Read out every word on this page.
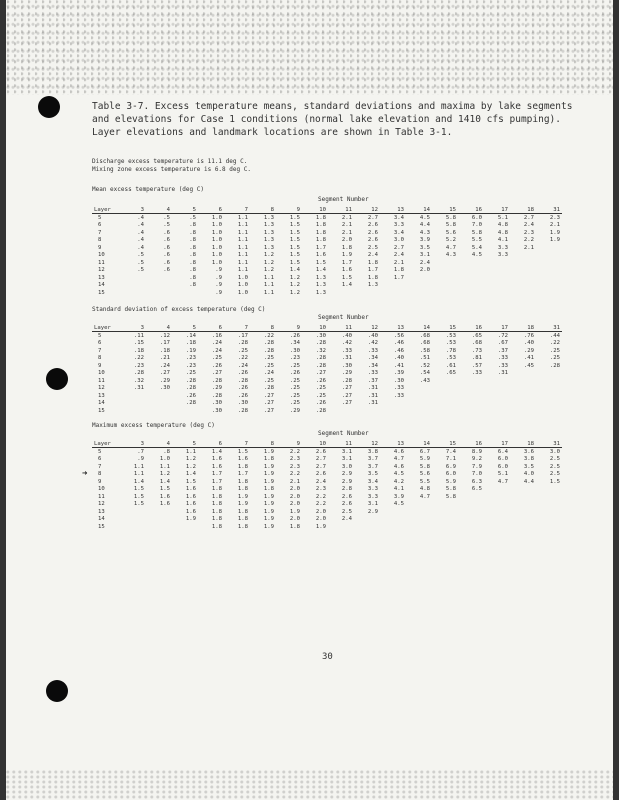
Table 3-7. Excess temperature means, standard deviations and maxima by lake segments and elevations for Case 1 conditions (normal lake elevation and 1410 cfs pumping). Layer elevations and landmark locations are shown in Table 3-1.
Discharge excess temperature is 11.1 deg C.
Mixing zone excess temperature is 6.8 deg C.
Mean excess temperature (deg C)
Segment Number
Layer	3	4	5	6	7	8	9	10	11	12	13	14	15	16	17	18	31
5	.4	.5	.5	1.0	1.1	1.3	1.5	1.8	2.1	2.7	3.4	4.5	5.8	6.0	5.1	2.7	2.3
6	.4	.5	.8	1.0	1.1	1.3	1.5	1.8	2.1	2.6	3.3	4.4	5.8	7.0	4.8	2.4	2.1
7	.4	.6	.8	1.0	1.1	1.3	1.5	1.8	2.1	2.6	3.4	4.3	5.6	5.8	4.8	2.3	1.9
8	.4	.6	.8	1.0	1.1	1.3	1.5	1.8	2.0	2.6	3.0	3.9	5.2	5.5	4.1	2.2	1.9
9	.4	.6	.8	1.0	1.1	1.3	1.5	1.7	1.8	2.5	2.7	3.5	4.7	5.4	3.3	2.1	
10	.5	.6	.8	1.0	1.1	1.2	1.5	1.6	1.9	2.4	2.4	3.1	4.3	4.5	3.3		
11	.5	.6	.8	1.0	1.1	1.2	1.5	1.5	1.7	1.8	2.1	2.4					
12	.5	.6	.8	.9	1.1	1.2	1.4	1.4	1.6	1.7	1.8	2.0					
13			.8	.9	1.0	1.1	1.2	1.3	1.5	1.8	1.7						
14			.8	.9	1.0	1.1	1.2	1.3	1.4	1.3							
15				.9	1.0	1.1	1.2	1.3									
Standard deviation of excess temperature (deg C)
Segment Number
Layer	3	4	5	6	7	8	9	10	11	12	13	14	15	16	17	18	31
5	.11	.12	.14	.16	.17	.22	.26	.30	.40	.40	.56	.68	.53	.65	.72	.76	.44
6	.15	.17	.18	.24	.28	.28	.34	.28	.42	.42	.46	.68	.53	.68	.67	.40	.22
7	.18	.18	.19	.24	.25	.28	.30	.32	.33	.33	.46	.58	.78	.73	.37	.29	.25
8	.22	.21	.23	.25	.22	.25	.23	.28	.31	.34	.40	.51	.53	.81	.33	.41	.25
9	.23	.24	.23	.26	.24	.25	.25	.28	.30	.34	.41	.52	.61	.57	.33	.45	.28
10	.28	.27	.25	.27	.26	.24	.26	.27	.29	.33	.39	.54	.65	.33	.31		
11	.32	.29	.28	.28	.28	.25	.25	.26	.28	.37	.30	.43					
12	.31	.30	.28	.29	.26	.28	.25	.25	.27	.31	.33						
13			.26	.28	.26	.27	.25	.25	.27	.31	.33						
14			.28	.30	.30	.27	.25	.26	.27	.31							
15				.30	.28	.27	.29	.28									
Maximum excess temperature (deg C)
Segment Number
Layer	3	4	5	6	7	8	9	10	11	12	13	14	15	16	17	18	31
5	.7	.8	1.1	1.4	1.5	1.9	2.2	2.6	3.1	3.8	4.6	6.7	7.4	8.9	6.4	3.6	3.0
6	.9	1.0	1.2	1.6	1.6	1.8	2.3	2.7	3.1	3.7	4.7	5.9	7.1	9.2	6.0	3.8	2.5
7	1.1	1.1	1.2	1.6	1.8	1.9	2.3	2.7	3.0	3.7	4.6	5.8	6.9	7.9	6.0	3.5	2.5
8	1.1	1.2	1.4	1.7	1.7	1.9	2.2	2.6	2.9	3.5	4.5	5.6	6.0	7.0	5.1	4.0	2.5
9	1.4	1.4	1.5	1.7	1.8	1.9	2.1	2.4	2.9	3.4	4.2	5.5	5.9	6.3	4.7	4.4	1.5
10	1.5	1.5	1.6	1.8	1.8	1.8	2.0	2.3	2.8	3.3	4.1	4.8	5.8	6.5			
11	1.5	1.6	1.6	1.8	1.9	1.9	2.0	2.2	2.6	3.3	3.9	4.7	5.8				
12	1.5	1.6	1.6	1.8	1.9	1.9	2.0	2.2	2.6	3.1	4.5						
13			1.6	1.8	1.8	1.9	1.9	2.0	2.5	2.9							
14			1.9	1.8	1.8	1.9	2.0	2.0	2.4								
15				1.8	1.8	1.9	1.8	1.9									
➜
30
